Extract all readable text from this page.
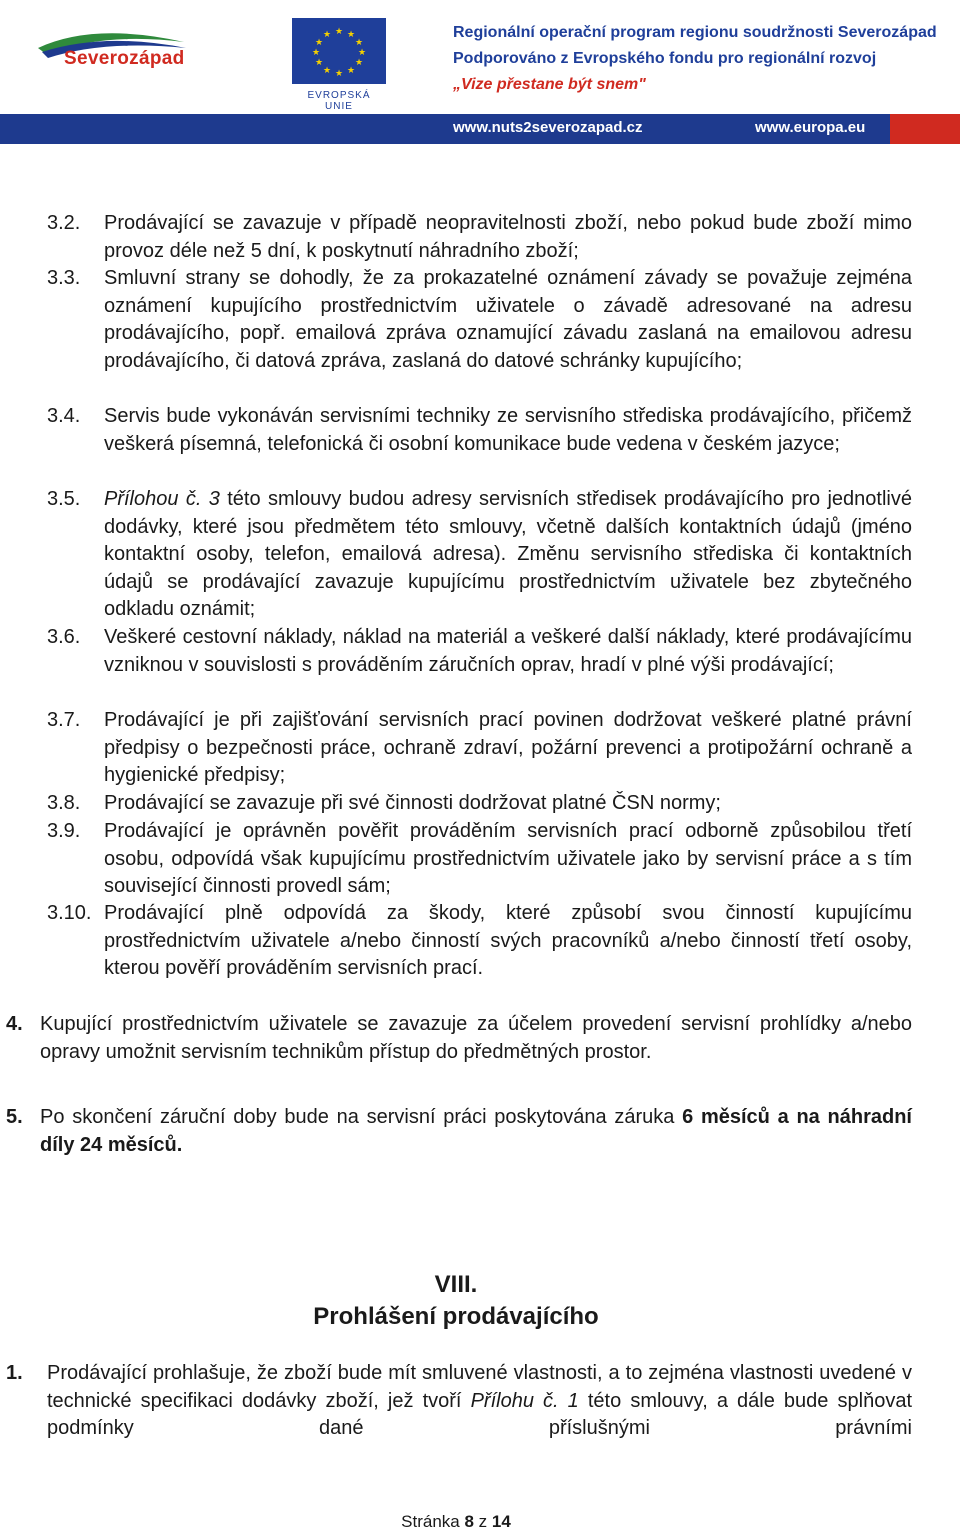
Severozápad
★ ★
★
★
★
★
★
★
★
★
★
★
EVROPSKÁ UNIE
Regionální operační program regionu soudržnosti Severozápad
Podporováno z Evropského fondu pro regionální rozvoj
„Vize přestane být snem"
www.nuts2severozapad.cz	www.europa.eu
3.2. Prodávající se zavazuje v případě neopravitelnosti zboží, nebo pokud bude zboží mimo provoz déle než 5 dní, k poskytnutí náhradního zboží;
3.3. Smluvní strany se dohodly, že za prokazatelné oznámení závady se považuje zejména oznámení kupujícího prostřednictvím uživatele o závadě adresované na adresu prodávajícího, popř. emailová zpráva oznamující závadu zaslaná na emailovou adresu prodávajícího, či datová zpráva, zaslaná do datové schránky kupujícího;
3.4. Servis bude vykonáván servisními techniky ze servisního střediska prodávajícího, přičemž veškerá písemná, telefonická či osobní komunikace bude vedena v českém jazyce;
3.5. Přílohou č. 3 této smlouvy budou adresy servisních středisek prodávajícího pro jednotlivé dodávky, které jsou předmětem této smlouvy, včetně dalších kontaktních údajů (jméno kontaktní osoby, telefon, emailová adresa). Změnu servisního střediska či kontaktních údajů se prodávající zavazuje kupujícímu prostřednictvím uživatele bez zbytečného odkladu oznámit;
3.6. Veškeré cestovní náklady, náklad na materiál a veškeré další náklady, které prodávajícímu vzniknou v souvislosti s prováděním záručních oprav, hradí v plné výši prodávající;
3.7. Prodávající je při zajišťování servisních prací povinen dodržovat veškeré platné právní předpisy o bezpečnosti práce, ochraně zdraví, požární prevenci a protipožární ochraně a hygienické předpisy;
3.8. Prodávající se zavazuje při své činnosti dodržovat platné ČSN normy;
3.9. Prodávající je oprávněn pověřit prováděním servisních prací odborně způsobilou třetí osobu, odpovídá však kupujícímu prostřednictvím uživatele jako by servisní práce a s tím související činnosti provedl sám;
3.10. Prodávající plně odpovídá za škody, které způsobí svou činností kupujícímu prostřednictvím uživatele a/nebo činností svých pracovníků a/nebo činností třetí osoby, kterou pověří prováděním servisních prací.
4. Kupující prostřednictvím uživatele se zavazuje za účelem provedení servisní prohlídky a/nebo opravy umožnit servisním technikům přístup do předmětných prostor.
5. Po skončení záruční doby bude na servisní práci poskytována záruka 6 měsíců a na náhradní díly 24 měsíců.
VIII.
Prohlášení prodávajícího
1. Prodávající prohlašuje, že zboží bude mít smluvené vlastnosti, a to zejména vlastnosti uvedené v technické specifikaci dodávky zboží, jež tvoří Přílohu č. 1 této smlouvy, a dále bude splňovat podmínky dané příslušnými právními
Stránka 8 z 14
